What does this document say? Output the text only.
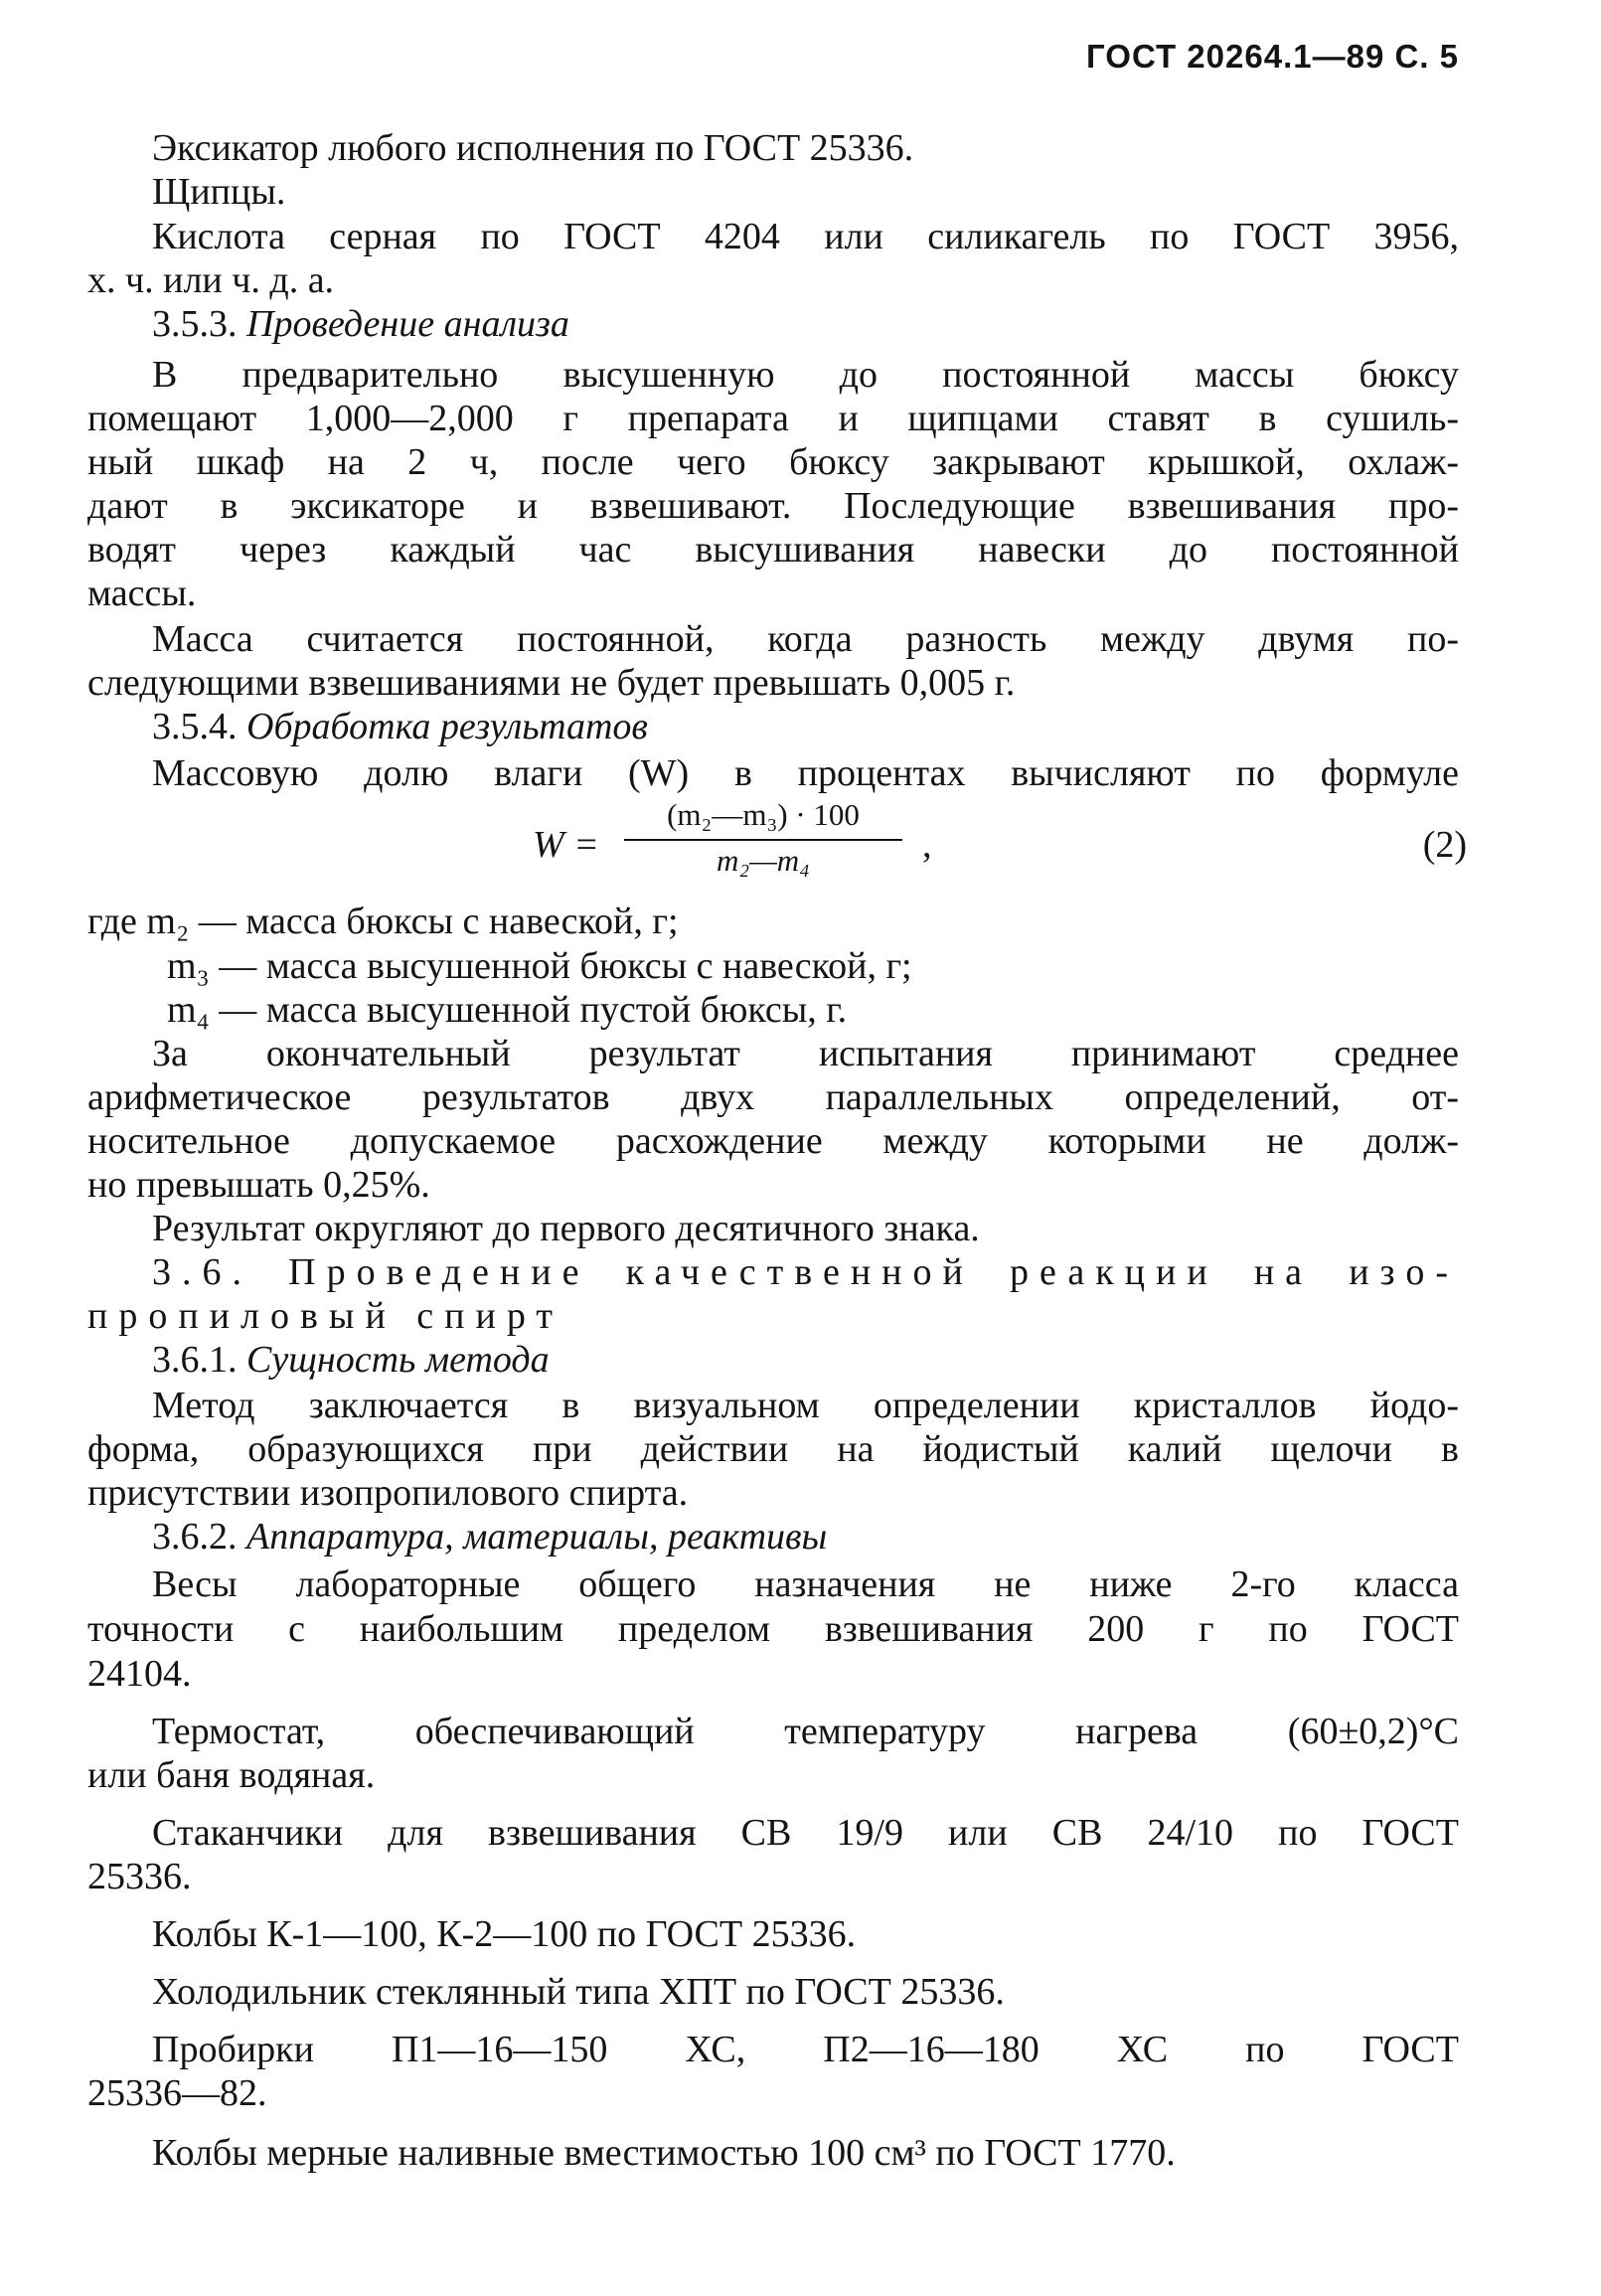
ГОСТ 20264.1—89 С. 5
Эксикатор любого исполнения по ГОСТ 25336.
Щипцы.
Кислота серная по ГОСТ 4204 или силикагель по ГОСТ 3956,
х. ч. или ч. д. а.
3.5.3. Проведение анализа
В предварительно высушенную до постоянной массы бюксу
помещают 1,000—2,000 г препарата и щипцами ставят в сушиль-
ный шкаф на 2 ч, после чего бюксу закрывают крышкой, охлаж-
дают в эксикаторе и взвешивают. Последующие взвешивания про-
водят через каждый час высушивания навески до постоянной
массы.
Масса считается постоянной, когда разность между двумя по-
следующими взвешиваниями не будет превышать 0,005 г.
3.5.4. Обработка результатов
Массовую долю влаги (W) в процентах вычисляют по формуле
W =
(m₂—m₃) · 100
m₂—m₄	,	(2)
где m₂ — масса бюксы с навеской, г;
m₃ — масса высушенной бюксы с навеской, г;
m₄ — масса высушенной пустой бюксы, г.
За окончательный результат испытания принимают среднее
арифметическое результатов двух параллельных определений, от-
носительное допускаемое расхождение между которыми не долж-
но превышать 0,25%.
Результат округляют до первого десятичного знака.
3.6. Проведение качественной реакции на изо-
пропиловый спирт
3.6.1. Сущность метода
Метод заключается в визуальном определении кристаллов йодо-
форма, образующихся при действии на йодистый калий щелочи в
присутствии изопропилового спирта.
3.6.2. Аппаратура, материалы, реактивы
Весы лабораторные общего назначения не ниже 2-го класса
точности с наибольшим пределом взвешивания 200 г по ГОСТ
24104.
Термостат, обеспечивающий температуру нагрева (60±0,2)°С
или баня водяная.
Стаканчики для взвешивания СВ 19/9 или СВ 24/10 по ГОСТ
25336.
Колбы К-1—100, К-2—100 по ГОСТ 25336.
Холодильник стеклянный типа ХПТ по ГОСТ 25336.
Пробирки П1—16—150 ХС, П2—16—180 ХС по ГОСТ
25336—82.
Колбы мерные наливные вместимостью 100 см³ по ГОСТ 1770.
